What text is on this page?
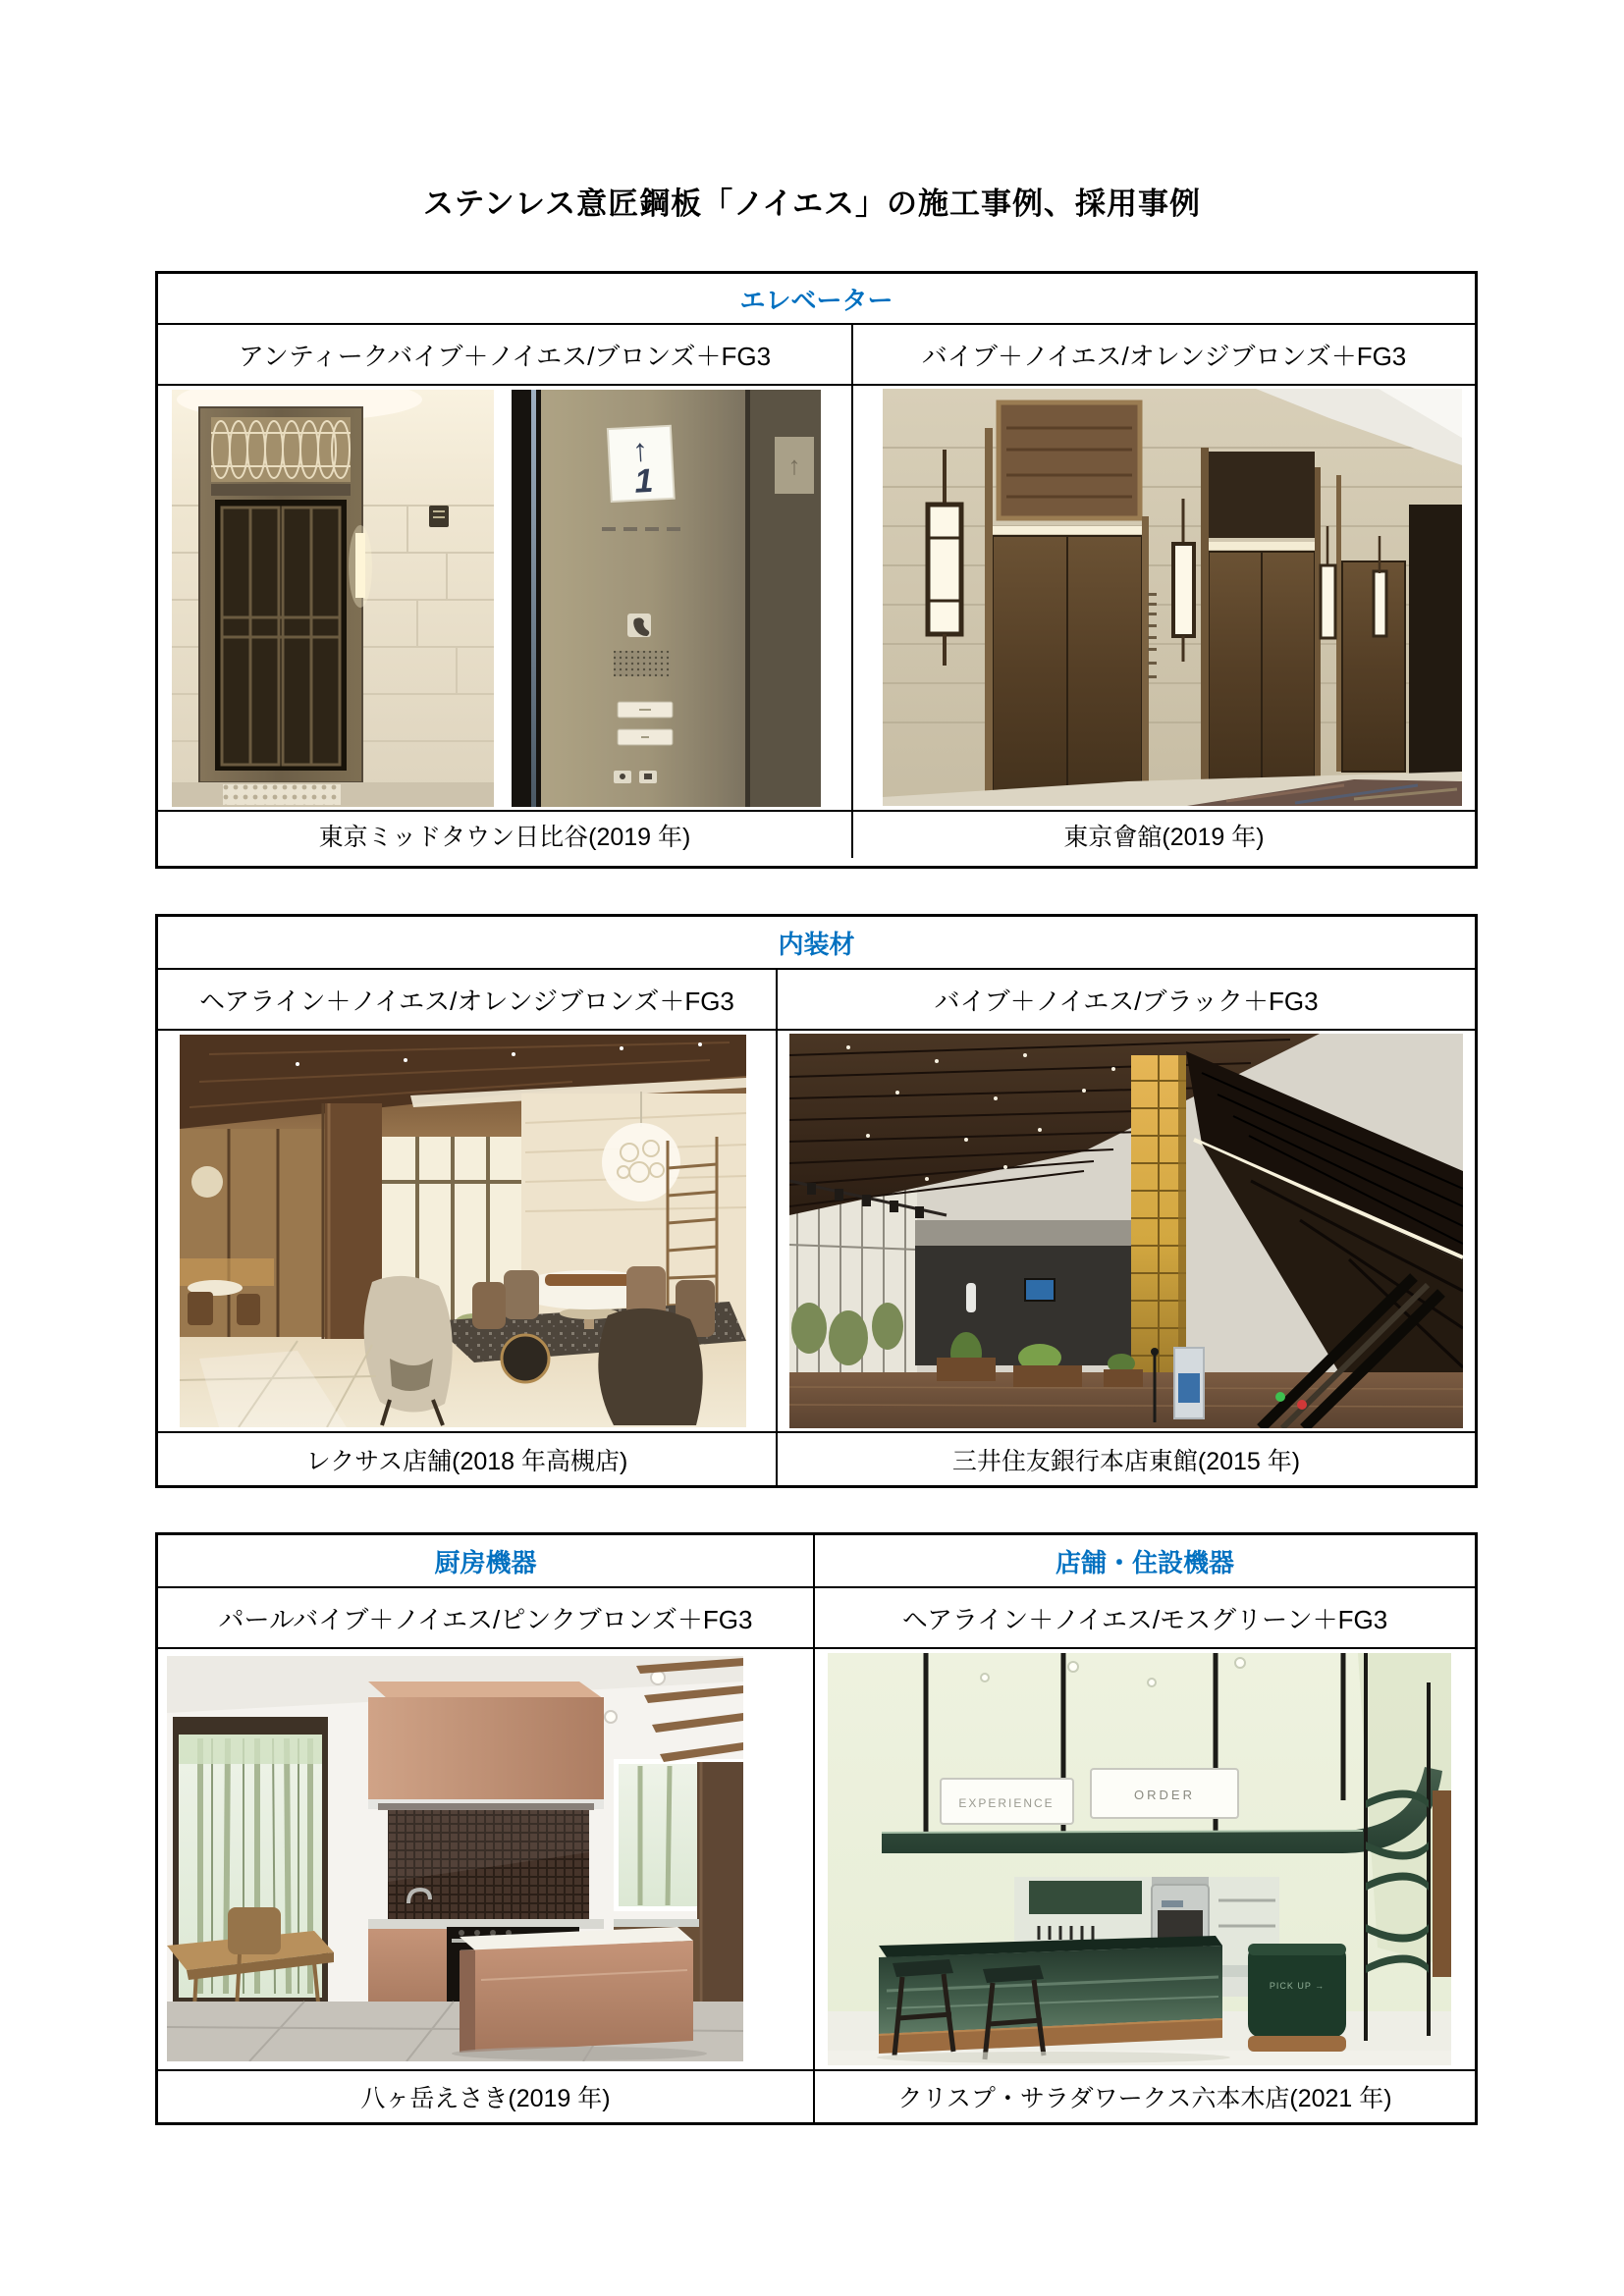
ステンレス意匠鋼板「ノイエス」の施工事例、採用事例
エレベーター
アンティークバイブ＋ノイエス/ブロンズ＋FG3
↑
1	↑
東京ミッドタウン日比谷(2019 年)
バイブ＋ノイエス/オレンジブロンズ＋FG3
東京會舘(2019 年)
内装材
ヘアライン＋ノイエス/オレンジブロンズ＋FG3
レクサス店舗(2018 年高槻店)
バイブ＋ノイエス/ブラック＋FG3
三井住友銀行本店東館(2015 年)
厨房機器
パールバイブ＋ノイエス/ピンクブロンズ＋FG3
八ヶ岳えさき(2019 年)
店舗・住設機器
ヘアライン＋ノイエス/モスグリーン＋FG3
EXPERIENCE
ORDER
PICK UP →
クリスプ・サラダワークス六本木店(2021 年)
